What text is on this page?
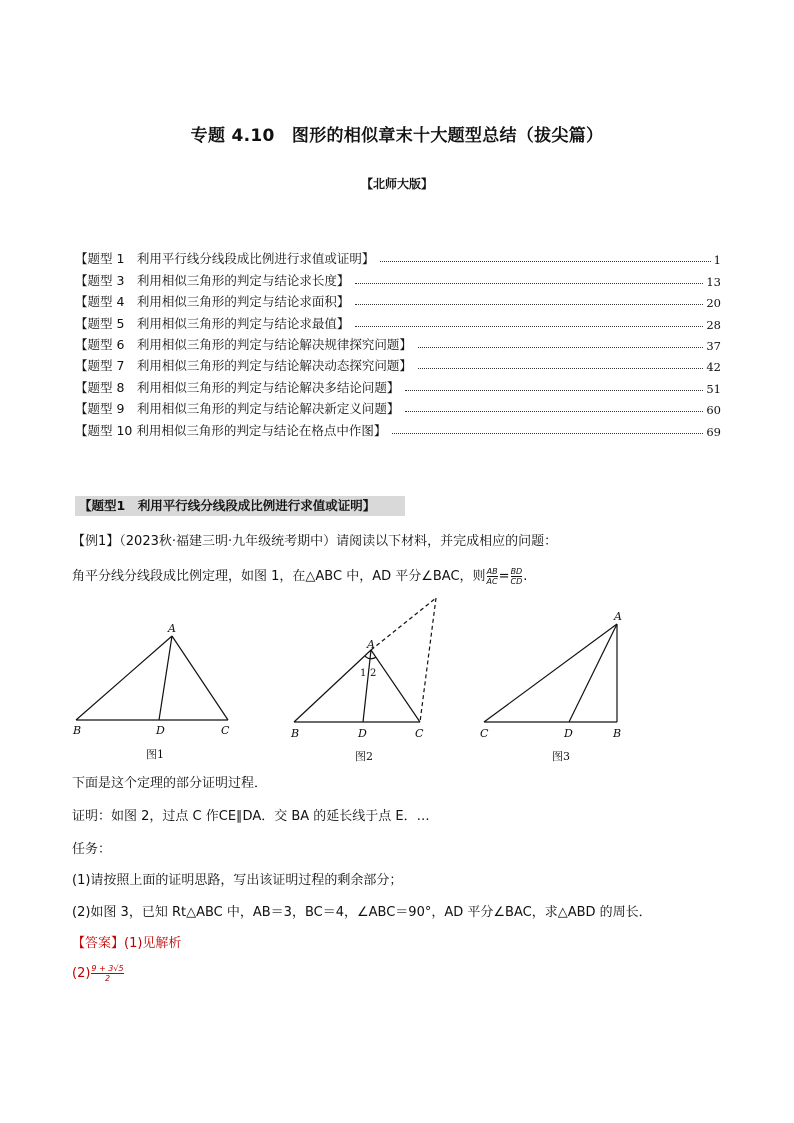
专题 4.10　图形的相似章末十大题型总结（拔尖篇）
【北师大版】
【题型 1　利用平行线分线段成比例进行求值或证明】	1
【题型 3　利用相似三角形的判定与结论求长度】	13
【题型 4　利用相似三角形的判定与结论求面积】	20
【题型 5　利用相似三角形的判定与结论求最值】	28
【题型 6　利用相似三角形的判定与结论解决规律探究问题】	37
【题型 7　利用相似三角形的判定与结论解决动态探究问题】	42
【题型 8　利用相似三角形的判定与结论解决多结论问题】	51
【题型 9　利用相似三角形的判定与结论解决新定义问题】	60
【题型 10 利用相似三角形的判定与结论在格点中作图】	69
【题型1　利用平行线分线段成比例进行求值或证明】
【例1】（2023秋·福建三明·九年级统考期中）请阅读以下材料，并完成相应的问题：
角平分线分线段成比例定理，如图 1，在△ABC 中，AD 平分∠BAC，则 $\frac{AB}{AC} = \frac{BD}{CD}$ .
A
B	D	C
图1
A
1 2
B	D	C
图2
A
C	D	B
图3
下面是这个定理的部分证明过程．
证明：如图 2，过点 C 作CE∥DA．交 BA 的延长线于点 E．…
任务：
(1)请按照上面的证明思路，写出该证明过程的剩余部分；
(2)如图 3，已知 Rt△ABC 中，AB＝3，BC＝4，∠ABC＝90°，AD 平分∠BAC，求△ABD 的周长．
【答案】(1)见解析
$(2) \frac{9 + 3√5}{2}$
